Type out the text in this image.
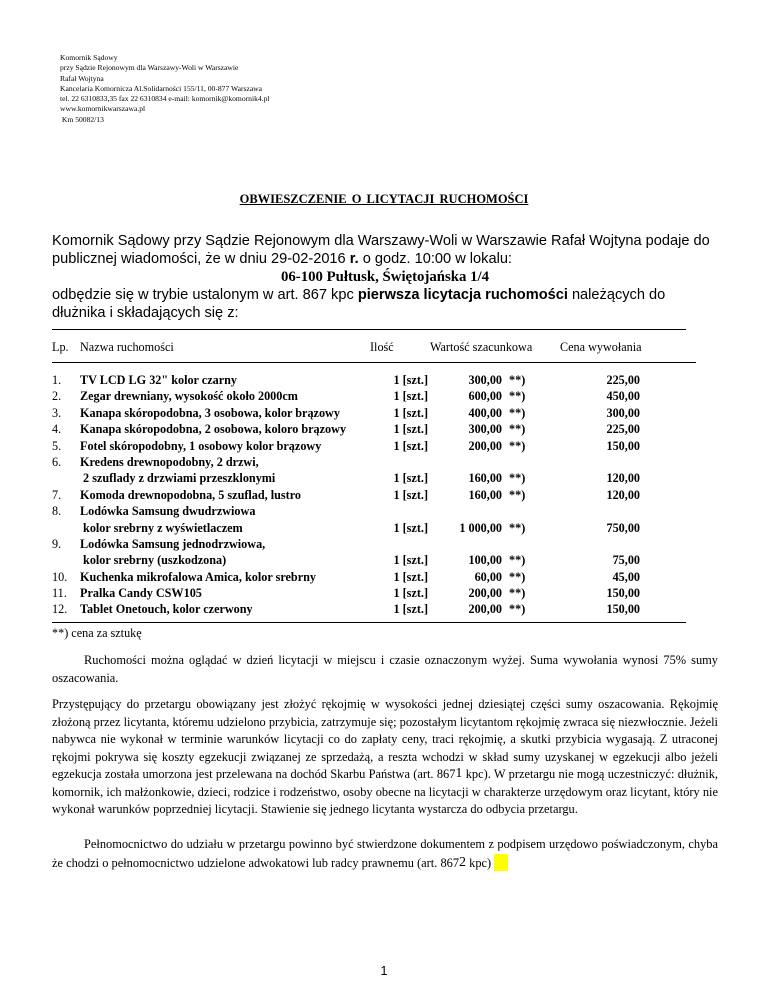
Komornik Sądowy
przy Sądzie Rejonowym dla Warszawy-Woli w Warszawie
Rafał Wojtyna
Kancelaria Komornicza Al.Solidarności 155/11, 00-877 Warszawa
tel. 22 6310833,35 fax 22 6310834 e-mail: komornik@komornik4.pl
www.komornikwarszawa.pl
Km 50082/13
OBWIESZCZENIE O LICYTACJI RUCHOMOŚCI

Komornik Sądowy przy Sądzie Rejonowym dla Warszawy-Woli w Warszawie Rafał Wojtyna podaje do publicznej wiadomości, że w dniu 29-02-2016 r. o godz. 10:00 w lokalu:

06-100 Pułtusk, Świętojańska 1/4

odbędzie się w trybie ustalonym w art. 867 kpc pierwsza licytacja ruchomości należących do dłużnika i składających się z:

Lp. Nazwa ruchomości	Ilość	Wartość szacunkowa Cena wywołania
1. TV LCD LG 32" kolor czarny	1 [szt.]	300,00 **)	225,00
2. Zegar drewniany, wysokość około 2000cm	1 [szt.]	600,00 **)	450,00
3. Kanapa skóropodobna, 3 osobowa, kolor brązowy	1 [szt.]	400,00 **)	300,00
4. Kanapa skóropodobna, 2 osobowa, koloro brązowy	1 [szt.]	300,00 **)	225,00
5. Fotel skóropodobny, 1 osobowy kolor brązowy	1 [szt.]	200,00 **)	150,00
6. Kredens drewnopodobny, 2 drzwi,
2 szuflady z drzwiami przeszklonymi	1 [szt.]	160,00 **)	120,00
7. Komoda drewnopodobna, 5 szuflad, lustro	1 [szt.]	160,00 **)	120,00
8. Lodówka Samsung dwudrzwiowa
kolor srebrny z wyświetlaczem	1 [szt.]	1 000,00 **)	750,00
9. Lodówka Samsung jednodrzwiowa,
kolor srebrny (uszkodzona)	1 [szt.]	100,00 **)	75,00
10. Kuchenka mikrofalowa Amica, kolor srebrny	1 [szt.]	60,00 **)	45,00
11. Pralka Candy CSW105	1 [szt.]	200,00 **)	150,00
12. Tablet Onetouch, kolor czerwony	1 [szt.]	200,00 **)	150,00
**) cena za sztukę

Ruchomości można oglądać w dzień licytacji w miejscu i czasie oznaczonym wyżej. Suma wywołania wynosi 75% sumy oszacowania.

Przystępujący do przetargu obowiązany jest złożyć rękojmię w wysokości jednej dziesiątej części sumy oszacowania. Rękojmię złożoną przez licytanta, któremu udzielono przybicia, zatrzymuje się; pozostałym licytantom rękojmię zwraca się niezwłocznie. Jeżeli nabywca nie wykonał w terminie warunków licytacji co do zapłaty ceny, traci rękojmię, a skutki przybicia wygasają. Z utraconej rękojmi pokrywa się koszty egzekucji związanej ze sprzedażą, a reszta wchodzi w skład sumy uzyskanej w egzekucji albo jeżeli egzekucja została umorzona jest przelewana na dochód Skarbu Państwa (art. 8671 kpc). W przetargu nie mogą uczestniczyć: dłużnik, komornik, ich małżonkowie, dzieci, rodzice i rodzeństwo, osoby obecne na licytacji w charakterze urzędowym oraz licytant, który nie wykonał warunków poprzedniej licytacji. Stawienie się jednego licytanta wystarcza do odbycia przetargu.

Pełnomocnictwo do udziału w przetargu powinno być stwierdzone dokumentem z podpisem urzędowo poświadczonym, chyba że chodzi o pełnomocnictwo udzielone adwokatowi lub radcy prawnemu (art. 8672 kpc)

1
